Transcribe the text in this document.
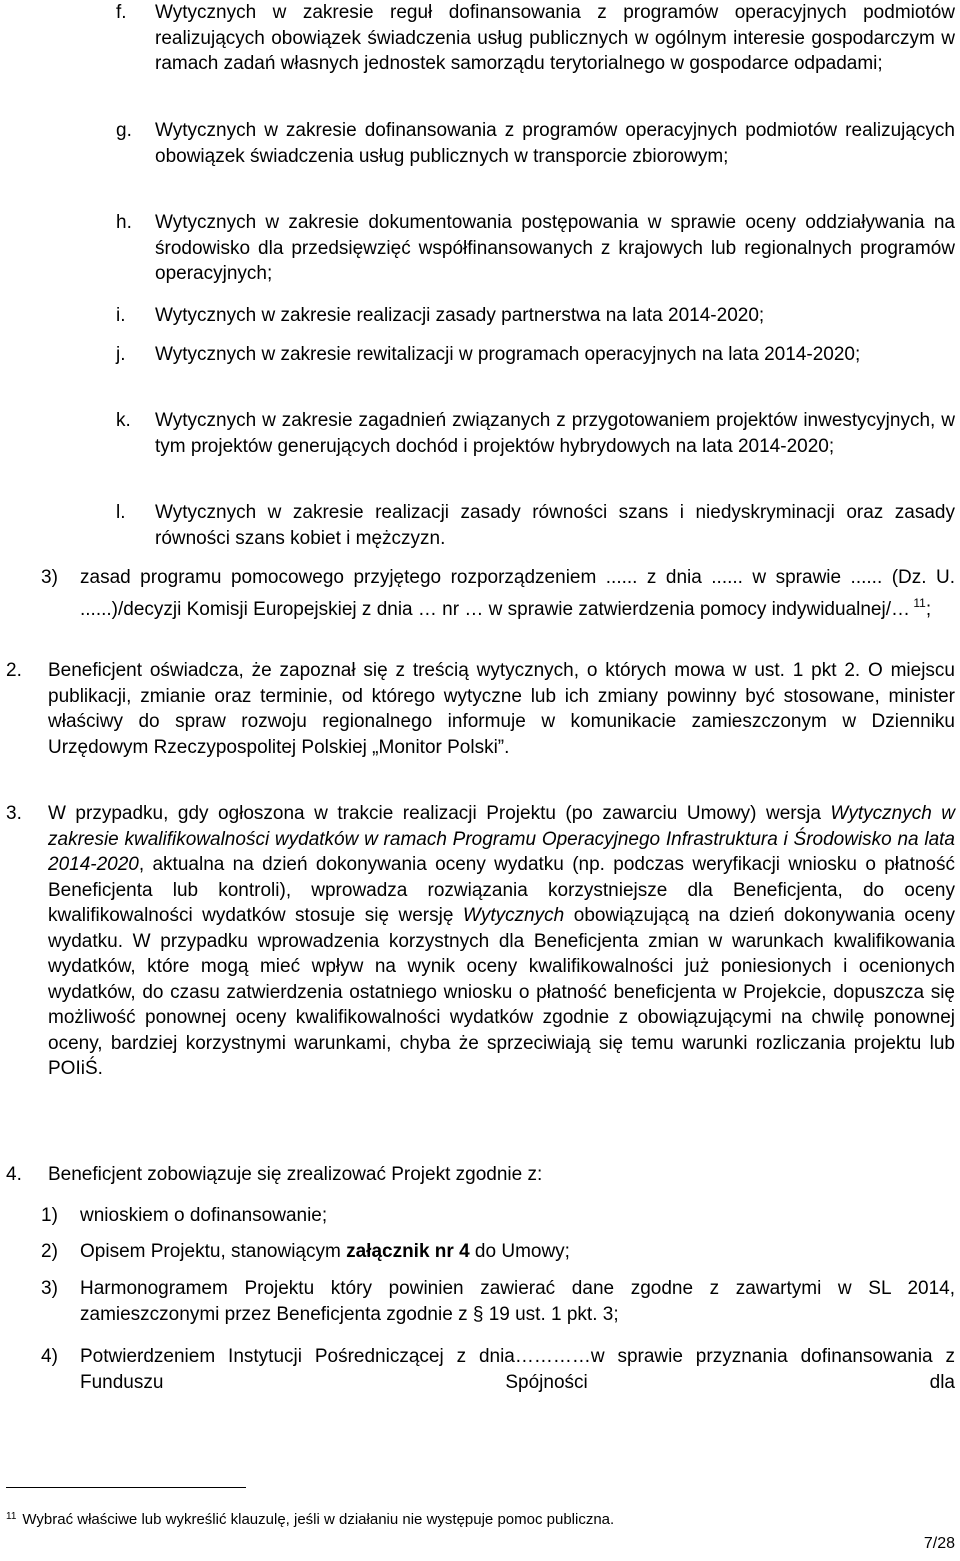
f. Wytycznych w zakresie reguł dofinansowania z programów operacyjnych podmiotów realizujących obowiązek świadczenia usług publicznych w ogólnym interesie gospodarczym w ramach zadań własnych jednostek samorządu terytorialnego w gospodarce odpadami;

g. Wytycznych w zakresie dofinansowania z programów operacyjnych podmiotów realizujących obowiązek świadczenia usług publicznych w transporcie zbiorowym;

h. Wytycznych w zakresie dokumentowania postępowania w sprawie oceny oddziaływania na środowisko dla przedsięwzięć współfinansowanych z krajowych lub regionalnych programów operacyjnych;

i. Wytycznych w zakresie realizacji zasady partnerstwa na lata 2014-2020;

j. Wytycznych w zakresie rewitalizacji w programach operacyjnych na lata 2014-2020;

k. Wytycznych w zakresie zagadnień związanych z przygotowaniem projektów inwestycyjnych, w tym projektów generujących dochód i projektów hybrydowych na lata 2014-2020;

l. Wytycznych w zakresie realizacji zasady równości szans i niedyskryminacji oraz zasady równości szans kobiet i mężczyzn.

3) zasad programu pomocowego przyjętego rozporządzeniem ...... z dnia ...... w sprawie ...... (Dz. U. ......)/decyzji Komisji Europejskiej z dnia … nr … w sprawie zatwierdzenia pomocy indywidualnej/… $^{11}$;

2. Beneficjent oświadcza, że zapoznał się z treścią wytycznych, o których mowa w ust. 1 pkt 2. O miejscu publikacji, zmianie oraz terminie, od którego wytyczne lub ich zmiany powinny być stosowane, minister właściwy do spraw rozwoju regionalnego informuje w komunikacie zamieszczonym w Dzienniku Urzędowym Rzeczypospolitej Polskiej „Monitor Polski”.

3. W przypadku, gdy ogłoszona w trakcie realizacji Projektu (po zawarciu Umowy) wersja Wytycznych w zakresie kwalifikowalności wydatków w ramach Programu Operacyjnego Infrastruktura i Środowisko na lata 2014-2020, aktualna na dzień dokonywania oceny wydatku (np. podczas weryfikacji wniosku o płatność Beneficjenta lub kontroli), wprowadza rozwiązania korzystniejsze dla Beneficjenta, do oceny kwalifikowalności wydatków stosuje się wersję Wytycznych obowiązującą na dzień dokonywania oceny wydatku. W przypadku wprowadzenia korzystnych dla Beneficjenta zmian w warunkach kwalifikowania wydatków, które mogą mieć wpływ na wynik oceny kwalifikowalności już poniesionych i ocenionych wydatków, do czasu zatwierdzenia ostatniego wniosku o płatność beneficjenta w Projekcie, dopuszcza się możliwość ponownej oceny kwalifikowalności wydatków zgodnie z obowiązującymi na chwilę ponownej oceny, bardziej korzystnymi warunkami, chyba że sprzeciwiają się temu warunki rozliczania projektu lub POIiŚ.

4. Beneficjent zobowiązuje się zrealizować Projekt zgodnie z:

1) wnioskiem o dofinansowanie;

2) Opisem Projektu, stanowiącym załącznik nr 4 do Umowy;

3) Harmonogramem Projektu który powinien zawierać dane zgodne z zawartymi w SL 2014, zamieszczonymi przez Beneficjenta zgodnie z § 19 ust. 1 pkt. 3;

4) Potwierdzeniem Instytucji Pośredniczącej z dnia…………w sprawie przyznania dofinansowania z Funduszu Spójności dla

$^{11}$ Wybrać właściwe lub wykreślić klauzulę, jeśli w działaniu nie występuje pomoc publiczna.
7/28
